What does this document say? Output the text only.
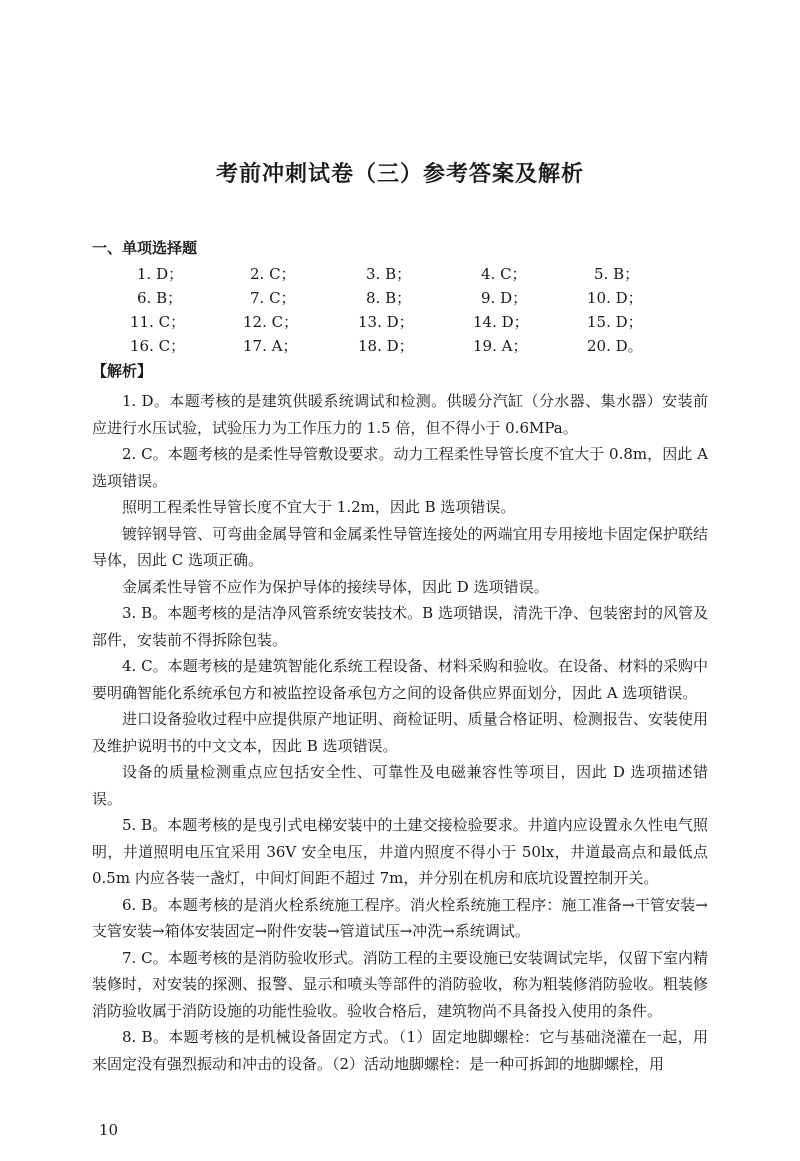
考前冲刺试卷（三）参考答案及解析
一、单项选择题
1. D；	2. C；	3. B；	4. C；	5. B；
6. B；	7. C；	8. B；	9. D；	10. D；
11. C；	12. C；	13. D；	14. D；	15. D；
16. C；	17. A；	18. D；	19. A；	20. D。
【解析】

1. D。本题考核的是建筑供暖系统调试和检测。供暖分汽缸（分水器、集水器）安装前应进行水压试验，试验压力为工作压力的 1.5 倍，但不得小于 0.6MPa。

2. C。本题考核的是柔性导管敷设要求。动力工程柔性导管长度不宜大于 0.8m，因此 A 选项错误。

照明工程柔性导管长度不宜大于 1.2m，因此 B 选项错误。

镀锌钢导管、可弯曲金属导管和金属柔性导管连接处的两端宜用专用接地卡固定保护联结导体，因此 C 选项正确。

金属柔性导管不应作为保护导体的接续导体，因此 D 选项错误。

3. B。本题考核的是洁净风管系统安装技术。B 选项错误，清洗干净、包装密封的风管及部件，安装前不得拆除包装。

4. C。本题考核的是建筑智能化系统工程设备、材料采购和验收。在设备、材料的采购中要明确智能化系统承包方和被监控设备承包方之间的设备供应界面划分，因此 A 选项错误。

进口设备验收过程中应提供原产地证明、商检证明、质量合格证明、检测报告、安装使用及维护说明书的中文文本，因此 B 选项错误。

设备的质量检测重点应包括安全性、可靠性及电磁兼容性等项目，因此 D 选项描述错误。

5. B。本题考核的是曳引式电梯安装中的土建交接检验要求。井道内应设置永久性电气照明，井道照明电压宜采用 36V 安全电压，井道内照度不得小于 50lx，井道最高点和最低点 0.5m 内应各装一盏灯，中间灯间距不超过 7m，并分别在机房和底坑设置控制开关。

6. B。本题考核的是消火栓系统施工程序。消火栓系统施工程序：施工准备→干管安装→支管安装→箱体安装固定→附件安装→管道试压→冲洗→系统调试。

7. C。本题考核的是消防验收形式。消防工程的主要设施已安装调试完毕，仅留下室内精装修时，对安装的探测、报警、显示和喷头等部件的消防验收，称为粗装修消防验收。粗装修消防验收属于消防设施的功能性验收。验收合格后，建筑物尚不具备投入使用的条件。

8. B。本题考核的是机械设备固定方式。（1）固定地脚螺栓：它与基础浇灌在一起，用来固定没有强烈振动和冲击的设备。（2）活动地脚螺栓：是一种可拆卸的地脚螺栓，用

10
